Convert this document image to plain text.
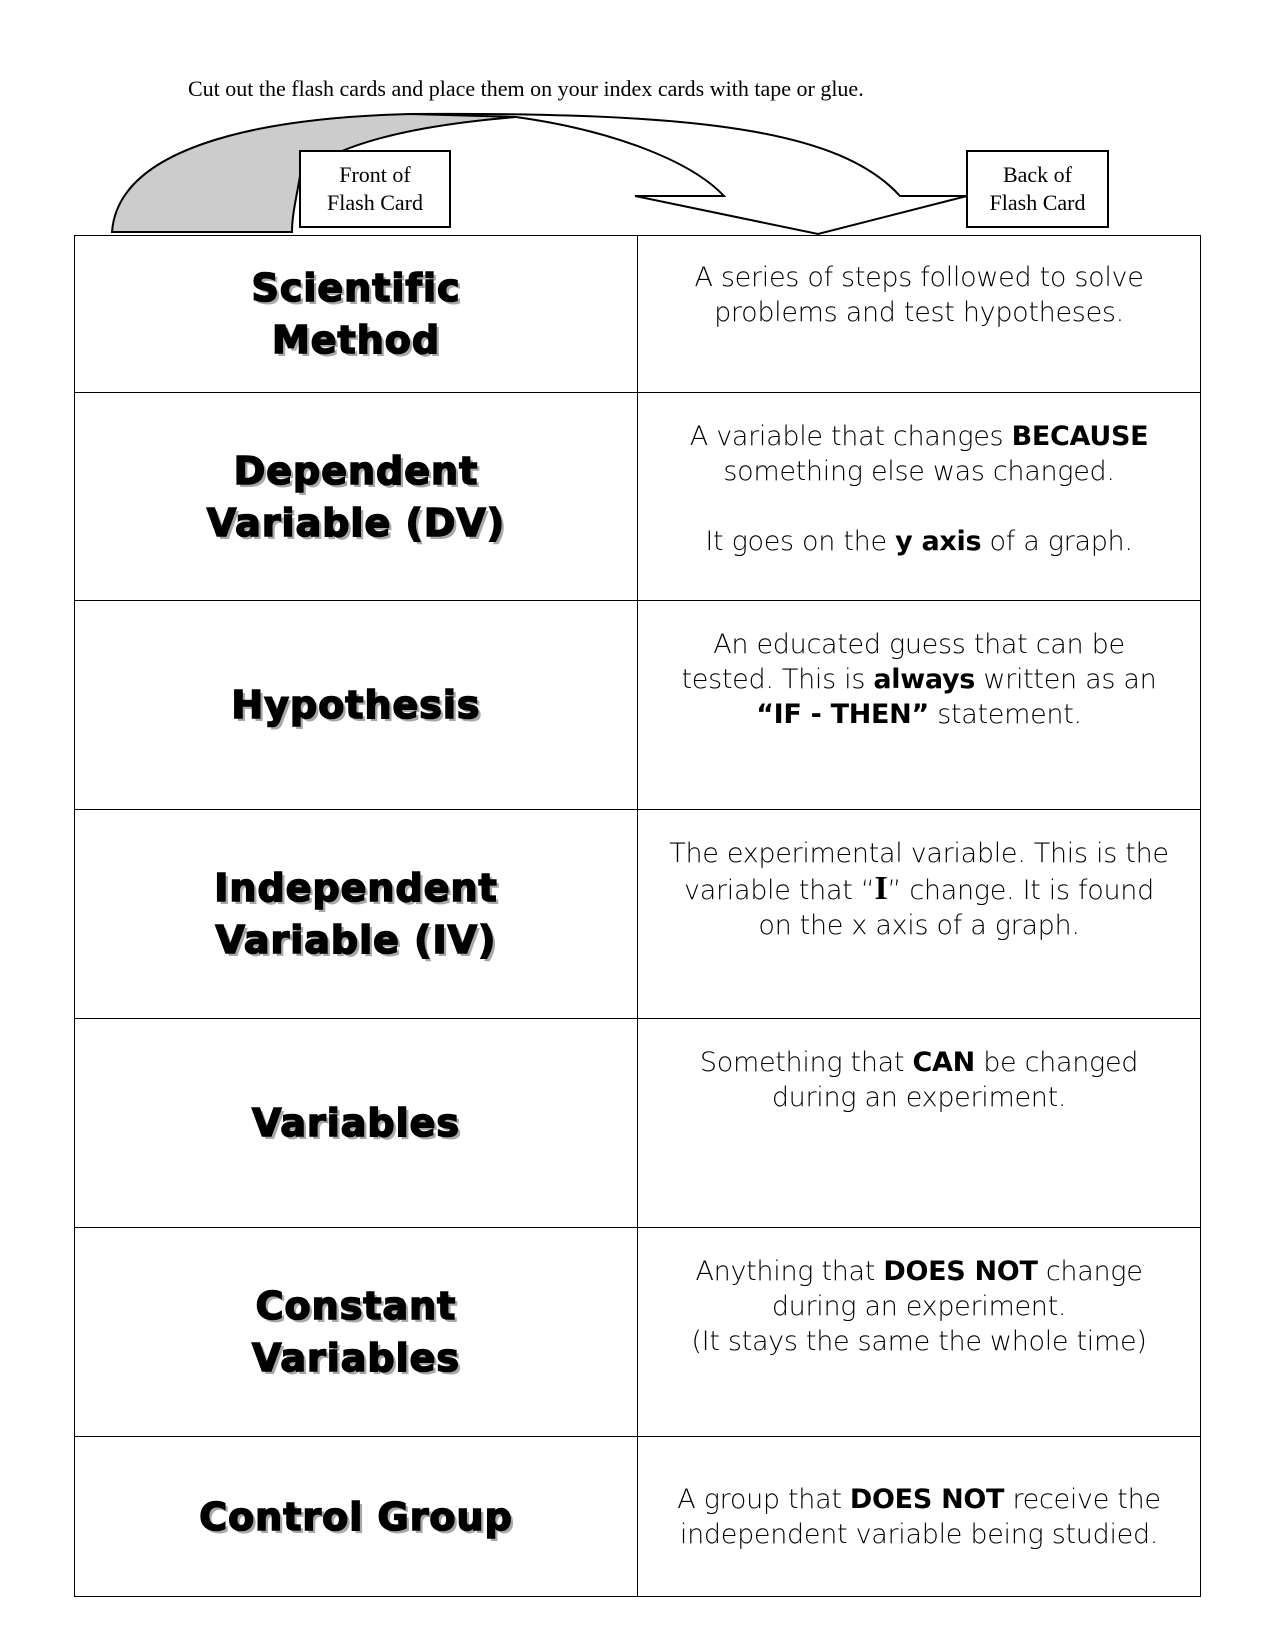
Cut out the flash cards and place them on your index cards with tape or glue.
Front of
Flash Card
Back of
Flash Card
Scientific
Method
A series of steps followed to solve
problems and test hypotheses.
Dependent
Variable (DV)
A variable that changes BECAUSE
something else was changed.
It goes on the y axis of a graph.
Hypothesis
An educated guess that can be
tested. This is always written as an
“IF - THEN” statement.
Independent
Variable (IV)
The experimental variable. This is the
variable that “I” change. It is found
on the x axis of a graph.
Variables
Something that CAN be changed
during an experiment.
Constant
Variables
Anything that DOES NOT change
during an experiment.
(It stays the same the whole time)
Control Group	A group that DOES NOT receive the
independent variable being studied.
